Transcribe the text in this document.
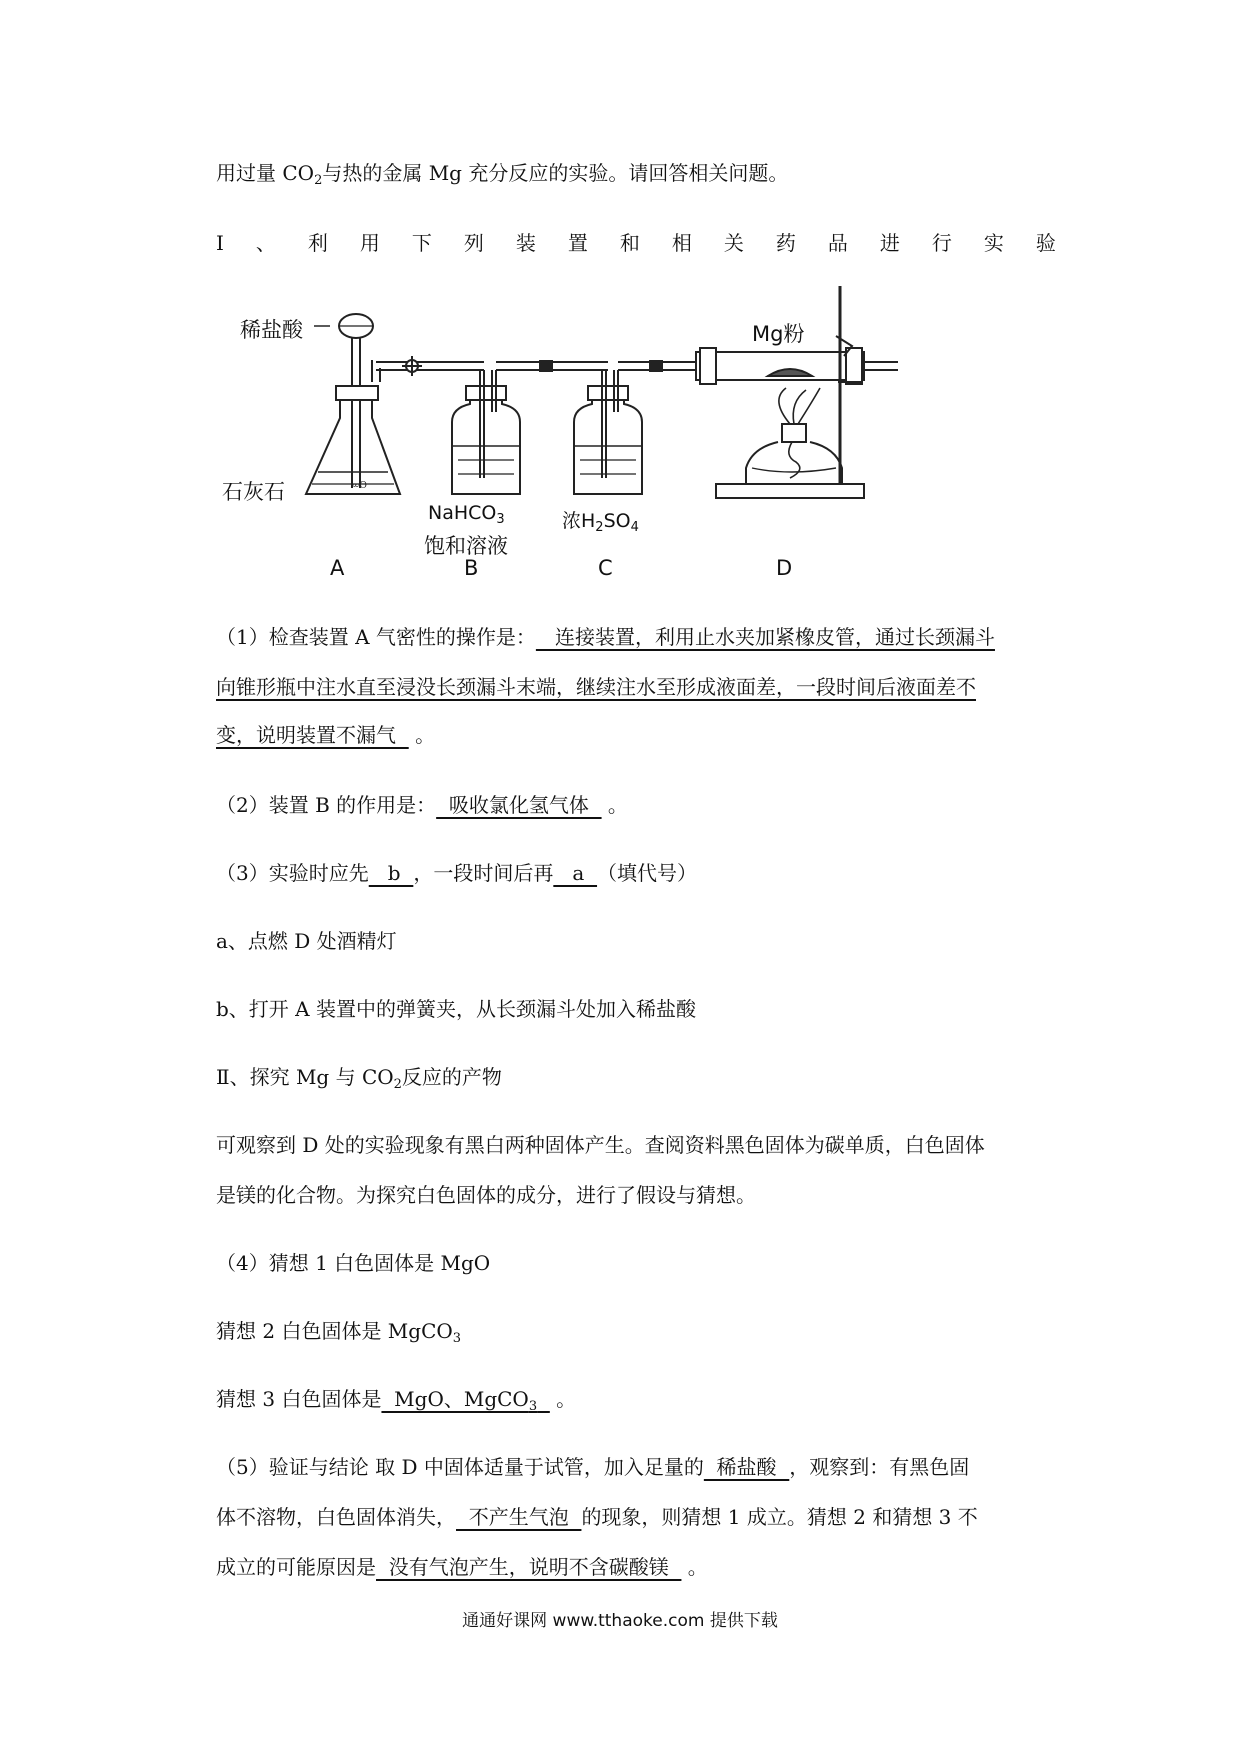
用过量 $CO_2$与热的金属 Mg 充分反应的实验。请回答相关问题。
I 、 利 用 下 列 装 置 和 相 关 药 品 进 行 实 验
∞O
稀盐酸
石灰石
NaHCO$_3$
饱和溶液
浓$H_2SO_4$
Mg粉
A	B	C	D
（1）检查装置 A 气密性的操作是：   连接装置，利用止水夹加紧橡皮管，通过长颈漏斗
向锥形瓶中注水直至浸没长颈漏斗末端，继续注水至形成液面差，一段时间后液面差不
变，说明装置不漏气   。
（2）装置 B 的作用是：  吸收氯化氢气体   。
（3）实验时应先   b  ，一段时间后再   a  （填代号）
a、点燃 D 处酒精灯
b、打开 A 装置中的弹簧夹，从长颈漏斗处加入稀盐酸
Ⅱ、探究 Mg 与 $CO_2$反应的产物
可观察到 D 处的实验现象有黑白两种固体产生。查阅资料黑色固体为碳单质，白色固体
是镁的化合物。为探究白色固体的成分，进行了假设与猜想。
（4）猜想 1 白色固体是 MgO
猜想 2 白色固体是 MgCO$_3$
猜想 3 白色固体是  MgO、MgCO$_3$   。
（5）验证与结论 取 D 中固体适量于试管，加入足量的  稀盐酸  ，观察到：有黑色固
体不溶物，白色固体消失，  不产生气泡  的现象，则猜想 1 成立。猜想 2 和猜想 3 不
成立的可能原因是  没有气泡产生，说明不含碳酸镁   。
通通好课网 www.tthaoke.com 提供下载
